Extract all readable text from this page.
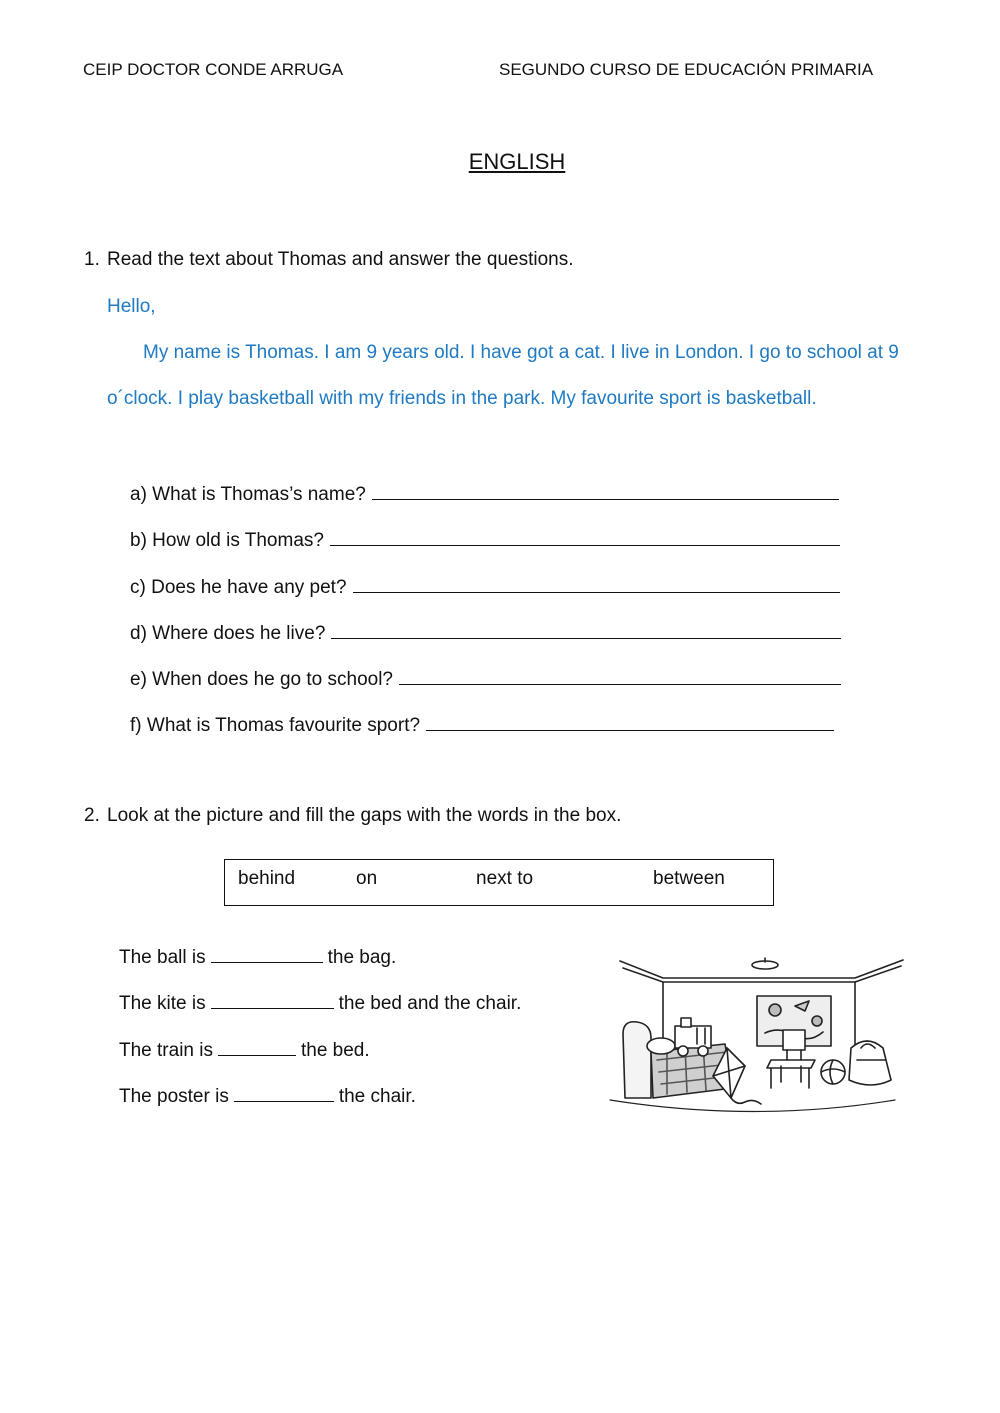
CEIP DOCTOR CONDE ARRUGA	SEGUNDO CURSO DE EDUCACIÓN PRIMARIA
ENGLISH
1. Read the text about Thomas and answer the questions.
Hello,
My name is Thomas. I am 9 years old. I have got a cat. I live in London. I go to school at 9
o´clock. I play basketball with my friends in the park. My favourite sport is basketball.
a) What is Thomas’s name?
b) How old is Thomas?
c) Does he have any pet?
d) Where does he live?
e) When does he go to school?
f) What is Thomas favourite sport?
2. Look at the picture and fill the gaps with the words in the box.
behind	on	next to	between
The ball is	the bag.
The kite is	the bed and the chair.
The train is	the bed.
The poster is	the chair.
